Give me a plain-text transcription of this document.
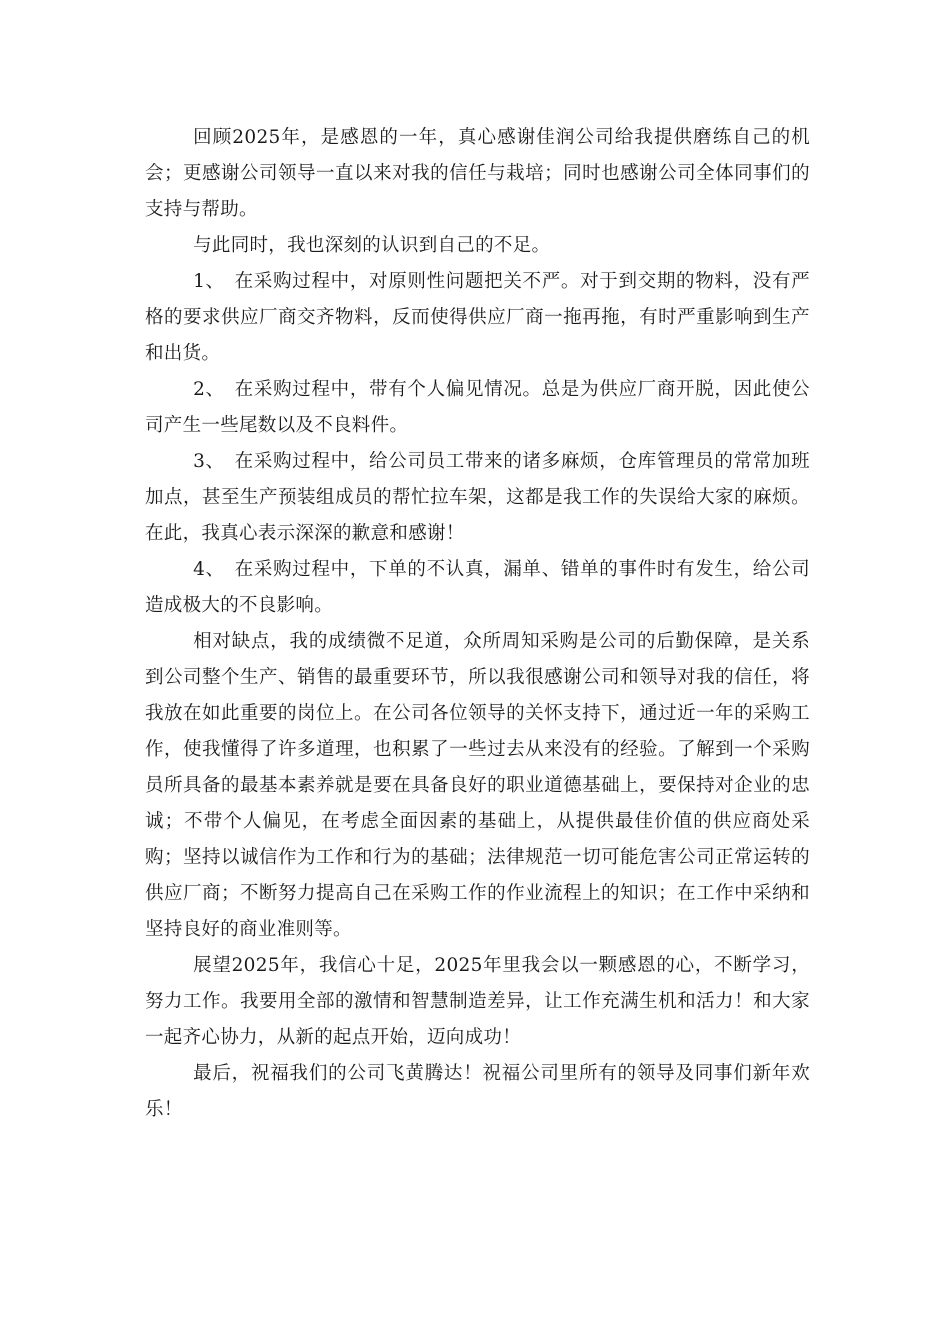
回顾2025年，是感恩的一年，真心感谢佳润公司给我提供磨练自己的机会；更感谢公司领导一直以来对我的信任与栽培；同时也感谢公司全体同事们的支持与帮助。

与此同时，我也深刻的认识到自己的不足。

1、　在采购过程中，对原则性问题把关不严。对于到交期的物料，没有严格的要求供应厂商交齐物料，反而使得供应厂商一拖再拖，有时严重影响到生产和出货。

2、　在采购过程中，带有个人偏见情况。总是为供应厂商开脱，因此使公司产生一些尾数以及不良料件。

3、　在采购过程中，给公司员工带来的诸多麻烦，仓库管理员的常常加班加点，甚至生产预装组成员的帮忙拉车架，这都是我工作的失误给大家的麻烦。在此，我真心表示深深的歉意和感谢！

4、　在采购过程中，下单的不认真，漏单、错单的事件时有发生，给公司造成极大的不良影响。

相对缺点，我的成绩微不足道，众所周知采购是公司的后勤保障，是关系到公司整个生产、销售的最重要环节，所以我很感谢公司和领导对我的信任，将我放在如此重要的岗位上。在公司各位领导的关怀支持下，通过近一年的采购工作，使我懂得了许多道理，也积累了一些过去从来没有的经验。了解到一个采购员所具备的最基本素养就是要在具备良好的职业道德基础上，要保持对企业的忠诚；不带个人偏见，在考虑全面因素的基础上，从提供最佳价值的供应商处采购；坚持以诚信作为工作和行为的基础；法律规范一切可能危害公司正常运转的供应厂商；不断努力提高自己在采购工作的作业流程上的知识；在工作中采纳和坚持良好的商业准则等。

展望2025年，我信心十足，2025年里我会以一颗感恩的心，不断学习，努力工作。我要用全部的激情和智慧制造差异，让工作充满生机和活力！和大家一起齐心协力，从新的起点开始，迈向成功！

最后，祝福我们的公司飞黄腾达！祝福公司里所有的领导及同事们新年欢乐！
